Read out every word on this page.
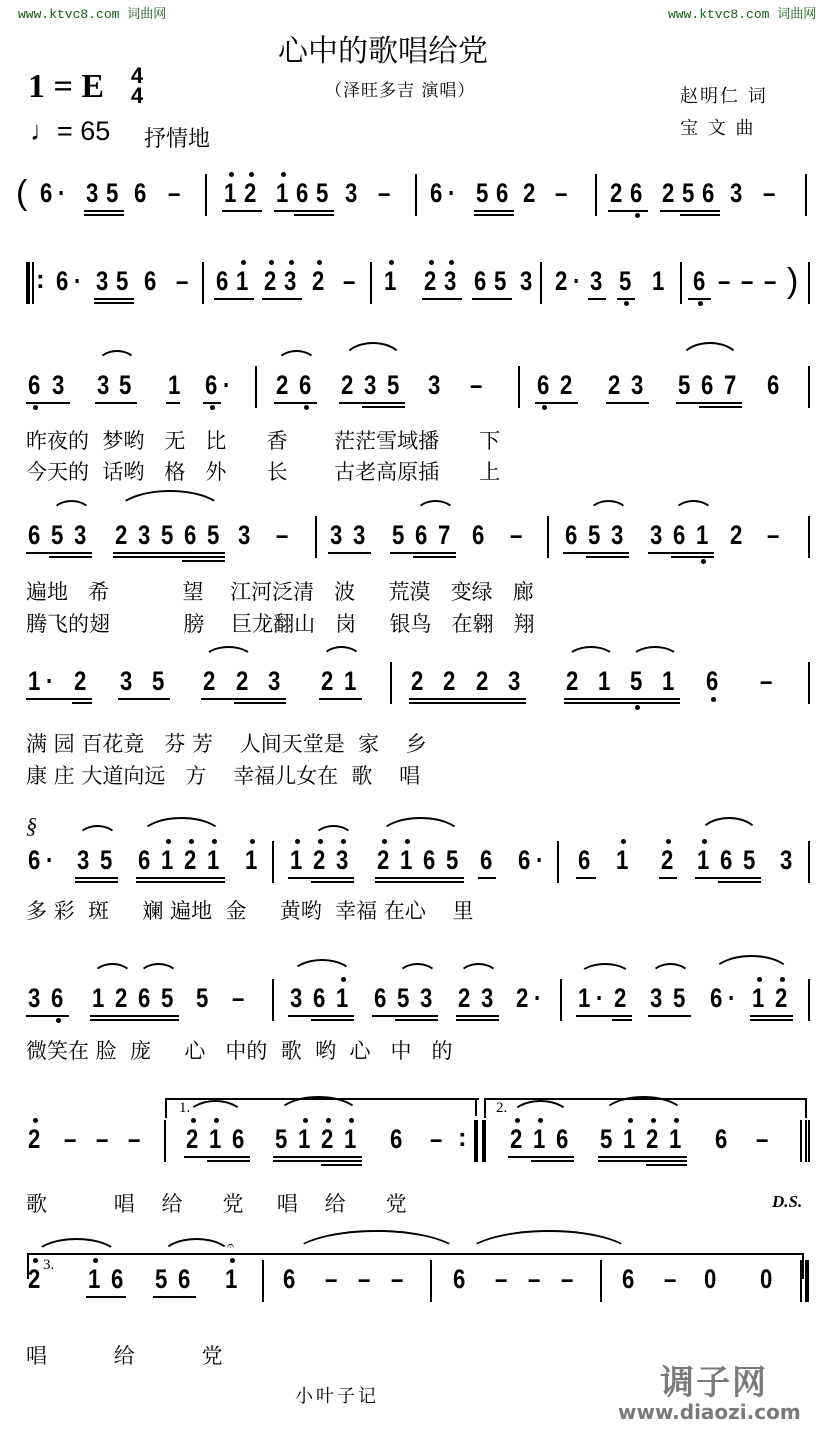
www.ktvc8.com 词曲网	www.ktvc8.com 词曲网
心中的歌唱给党
（泽旺多吉 演唱）	赵明仁 词
宝 文 曲
1 = E 4
4
♩= 65 抒情地
6 · 3 5 6 – 1 2 1 6 5 3 – 6 · 5 6 2 – 2 6 2 5 6 3 –
(
6 · 3 5 6 – 6 1 2 3 2 – 1 2 3 6 5 3 2 · 3 5 1 6 – – –
:	)
6 3 3 5 1 6 · 2 6 2 3 5 3 – 6 2 2 3 5 6 7 6
6 5 3 2 3 5 6 5 3 – 3 3 5 6 7 6 – 6 5 3 3 6 1 2 –
1 · 2 3 5 2 2 3 2 1 2 2 2 3 2 1 5 1 6 –
6 · 3 5 6 1 2 1 1 1 2 3 2 1 6 5 6 6 · 6 1 2 1 6 5 3
§
3 6 1 2 6 5 5 – 3 6 1 6 5 3 2 3 2 · 1 · 2 3 5 6 · 1 2
2 – – – 2 1 6 5 1 2 1 6 –	2 1 6 5 1 2 1 6 –
:
1.	2.
D.S.
2 1 6 5 6 1 6 – – – 6 – – – 6 – 0 0
3.
𝄐
昨夜的  梦哟   无   比      香       茫茫雪域播      下
今天的  话哟   格   外      长       古老高原插      上
遍地   希           望    江河泛清   波     荒漠   变绿   廊
腾飞的翅           膀    巨龙翻山   岗     银鸟   在翱   翔
满 园 百花竟   芬 芳    人间天堂是  家    乡
康 庄 大道向远   方    幸福儿女在  歌    唱
多 彩  斑     斓 遍地  金     黄哟  幸福 在心    里
微笑在 脸  庞     心   中的  歌  哟  心   中   的
歌          唱    给      党     唱    给      党
唱          给          党
小叶子记	调子网
www.diaozi.com
